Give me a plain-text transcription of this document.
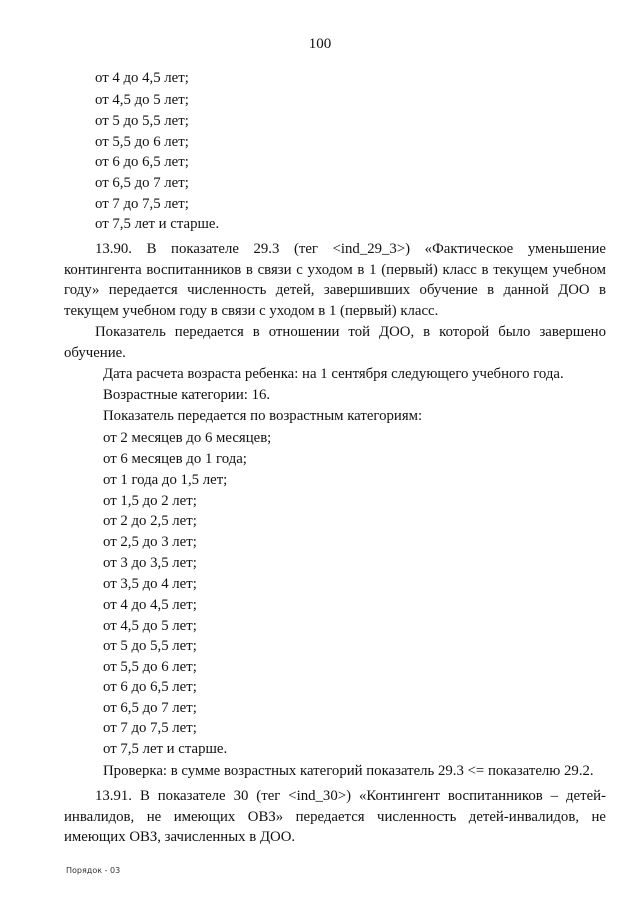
100
от 4 до 4,5 лет;
от 4,5 до 5 лет;
от 5 до 5,5 лет;
от 5,5 до 6 лет;
от 6 до 6,5 лет;
от 6,5 до 7 лет;
от 7 до 7,5 лет;
от 7,5 лет и старше.
13.90. В показателе 29.3 (тег <ind_29_3>) «Фактическое уменьшение контингента воспитанников в связи с уходом в 1 (первый) класс в текущем учебном году» передается численность детей, завершивших обучение в данной ДОО в текущем учебном году в связи с уходом в 1 (первый) класс.
Показатель передается в отношении той ДОО, в которой было завершено обучение.
Дата расчета возраста ребенка: на 1 сентября следующего учебного года.
Возрастные категории: 16.
Показатель передается по возрастным категориям:
от 2 месяцев до 6 месяцев;
от 6 месяцев до 1 года;
от 1 года до 1,5 лет;
от 1,5 до 2 лет;
от 2 до 2,5 лет;
от 2,5 до 3 лет;
от 3 до 3,5 лет;
от 3,5 до 4 лет;
от 4 до 4,5 лет;
от 4,5 до 5 лет;
от 5 до 5,5 лет;
от 5,5 до 6 лет;
от 6 до 6,5 лет;
от 6,5 до 7 лет;
от 7 до 7,5 лет;
от 7,5 лет и старше.
Проверка: в сумме возрастных категорий показатель 29.3 <= показателю 29.2.
13.91. В показателе 30 (тег <ind_30>) «Контингент воспитанников – детей-инвалидов, не имеющих ОВЗ» передается численность детей-инвалидов, не имеющих ОВЗ, зачисленных в ДОО.
Порядок - 03
